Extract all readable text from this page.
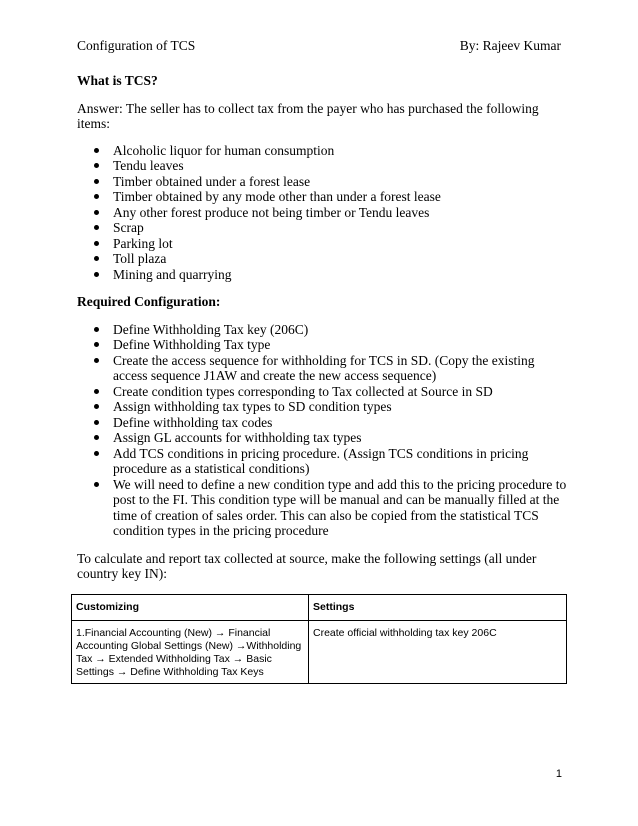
Configuration of TCS	By: Rajeev Kumar

What is TCS?

Answer: The seller has to collect tax from the payer who has purchased the following items:

Alcoholic liquor for human consumption
Tendu leaves
Timber obtained under a forest lease
Timber obtained by any mode other than under a forest lease
Any other forest produce not being timber or Tendu leaves
Scrap
Parking lot
Toll plaza
Mining and quarrying

Required Configuration:

Define Withholding Tax key (206C)
Define Withholding Tax type
Create the access sequence for withholding for TCS in SD. (Copy the existing access sequence J1AW and create the new access sequence)
Create condition types corresponding to Tax collected at Source in SD
Assign withholding tax types to SD condition types
Define withholding tax codes
Assign GL accounts for withholding tax types
Add TCS conditions in pricing procedure. (Assign TCS conditions in pricing procedure as a statistical conditions)
We will need to define a new condition type and add this to the pricing procedure to post to the FI. This condition type will be manual and can be manually filled at the time of creation of sales order. This can also be copied from the statistical TCS condition types in the pricing procedure

To calculate and report tax collected at source, make the following settings (all under country key IN):

Customizing	Settings
1.Financial Accounting (New) → Financial Accounting Global Settings (New) →Withholding Tax → Extended Withholding Tax → Basic Settings → Define Withholding Tax Keys	Create official withholding tax key 206C
1
